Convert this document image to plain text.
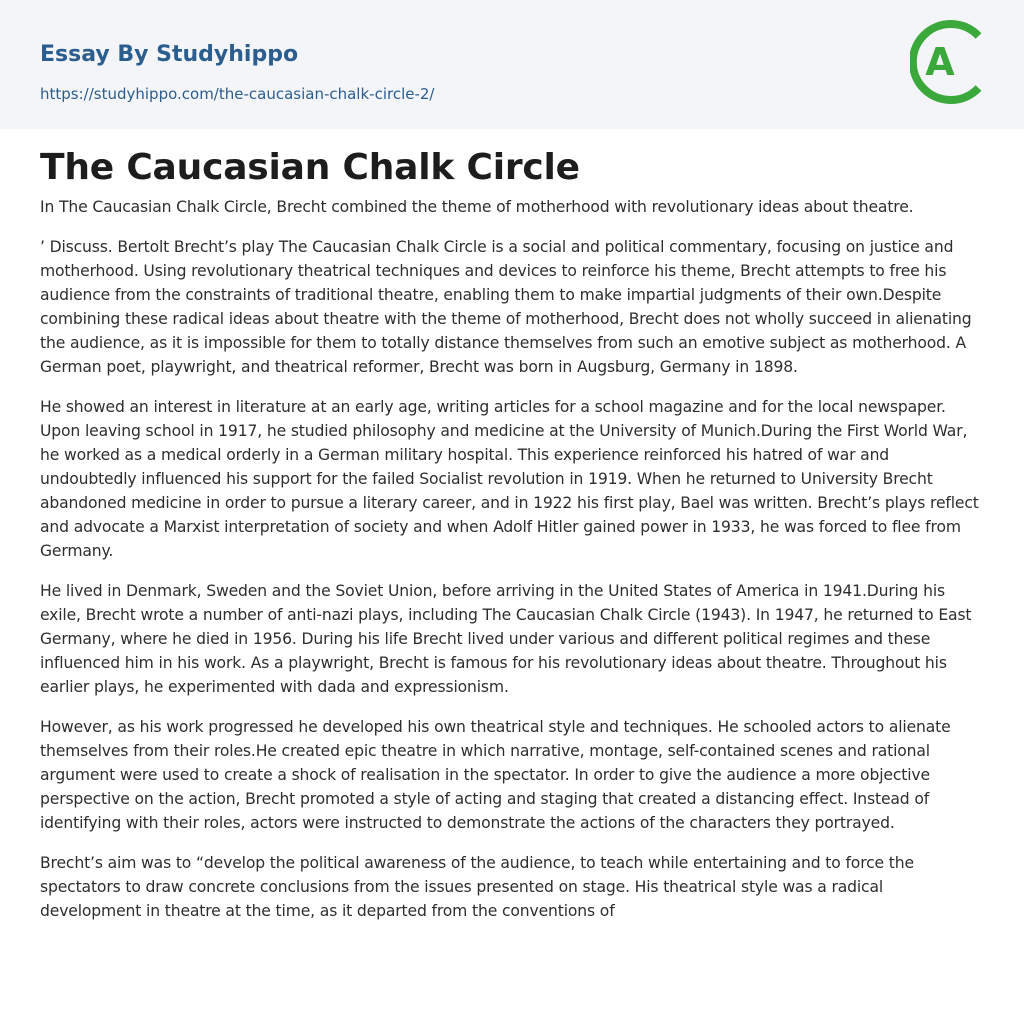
Essay By Studyhippo
https://studyhippo.com/the-caucasian-chalk-circle-2/
A
The Caucasian Chalk Circle

In The Caucasian Chalk Circle, Brecht combined the theme of motherhood with revolutionary ideas about theatre.

’ Discuss. Bertolt Brecht’s play The Caucasian Chalk Circle is a social and political commentary, focusing on justice and motherhood. Using revolutionary theatrical techniques and devices to reinforce his theme, Brecht attempts to free his audience from the constraints of traditional theatre, enabling them to make impartial judgments of their own.Despite combining these radical ideas about theatre with the theme of motherhood, Brecht does not wholly succeed in alienating the audience, as it is impossible for them to totally distance themselves from such an emotive subject as motherhood. A German poet, playwright, and theatrical reformer, Brecht was born in Augsburg, Germany in 1898.

He showed an interest in literature at an early age, writing articles for a school magazine and for the local newspaper. Upon leaving school in 1917, he studied philosophy and medicine at the University of Munich.During the First World War, he worked as a medical orderly in a German military hospital. This experience reinforced his hatred of war and undoubtedly influenced his support for the failed Socialist revolution in 1919. When he returned to University Brecht abandoned medicine in order to pursue a literary career, and in 1922 his first play, Bael was written. Brecht’s plays reflect and advocate a Marxist interpretation of society and when Adolf Hitler gained power in 1933, he was forced to flee from Germany.

He lived in Denmark, Sweden and the Soviet Union, before arriving in the United States of America in 1941.During his exile, Brecht wrote a number of anti-nazi plays, including The Caucasian Chalk Circle (1943). In 1947, he returned to East Germany, where he died in 1956. During his life Brecht lived under various and different political regimes and these influenced him in his work. As a playwright, Brecht is famous for his revolutionary ideas about theatre. Throughout his earlier plays, he experimented with dada and expressionism.

However, as his work progressed he developed his own theatrical style and techniques. He schooled actors to alienate themselves from their roles.He created epic theatre in which narrative, montage, self-contained scenes and rational argument were used to create a shock of realisation in the spectator. In order to give the audience a more objective perspective on the action, Brecht promoted a style of acting and staging that created a distancing effect. Instead of identifying with their roles, actors were instructed to demonstrate the actions of the characters they portrayed.

Brecht’s aim was to “develop the political awareness of the audience, to teach while entertaining and to force the spectators to draw concrete conclusions from the issues presented on stage. His theatrical style was a radical development in theatre at the time, as it departed from the conventions of
